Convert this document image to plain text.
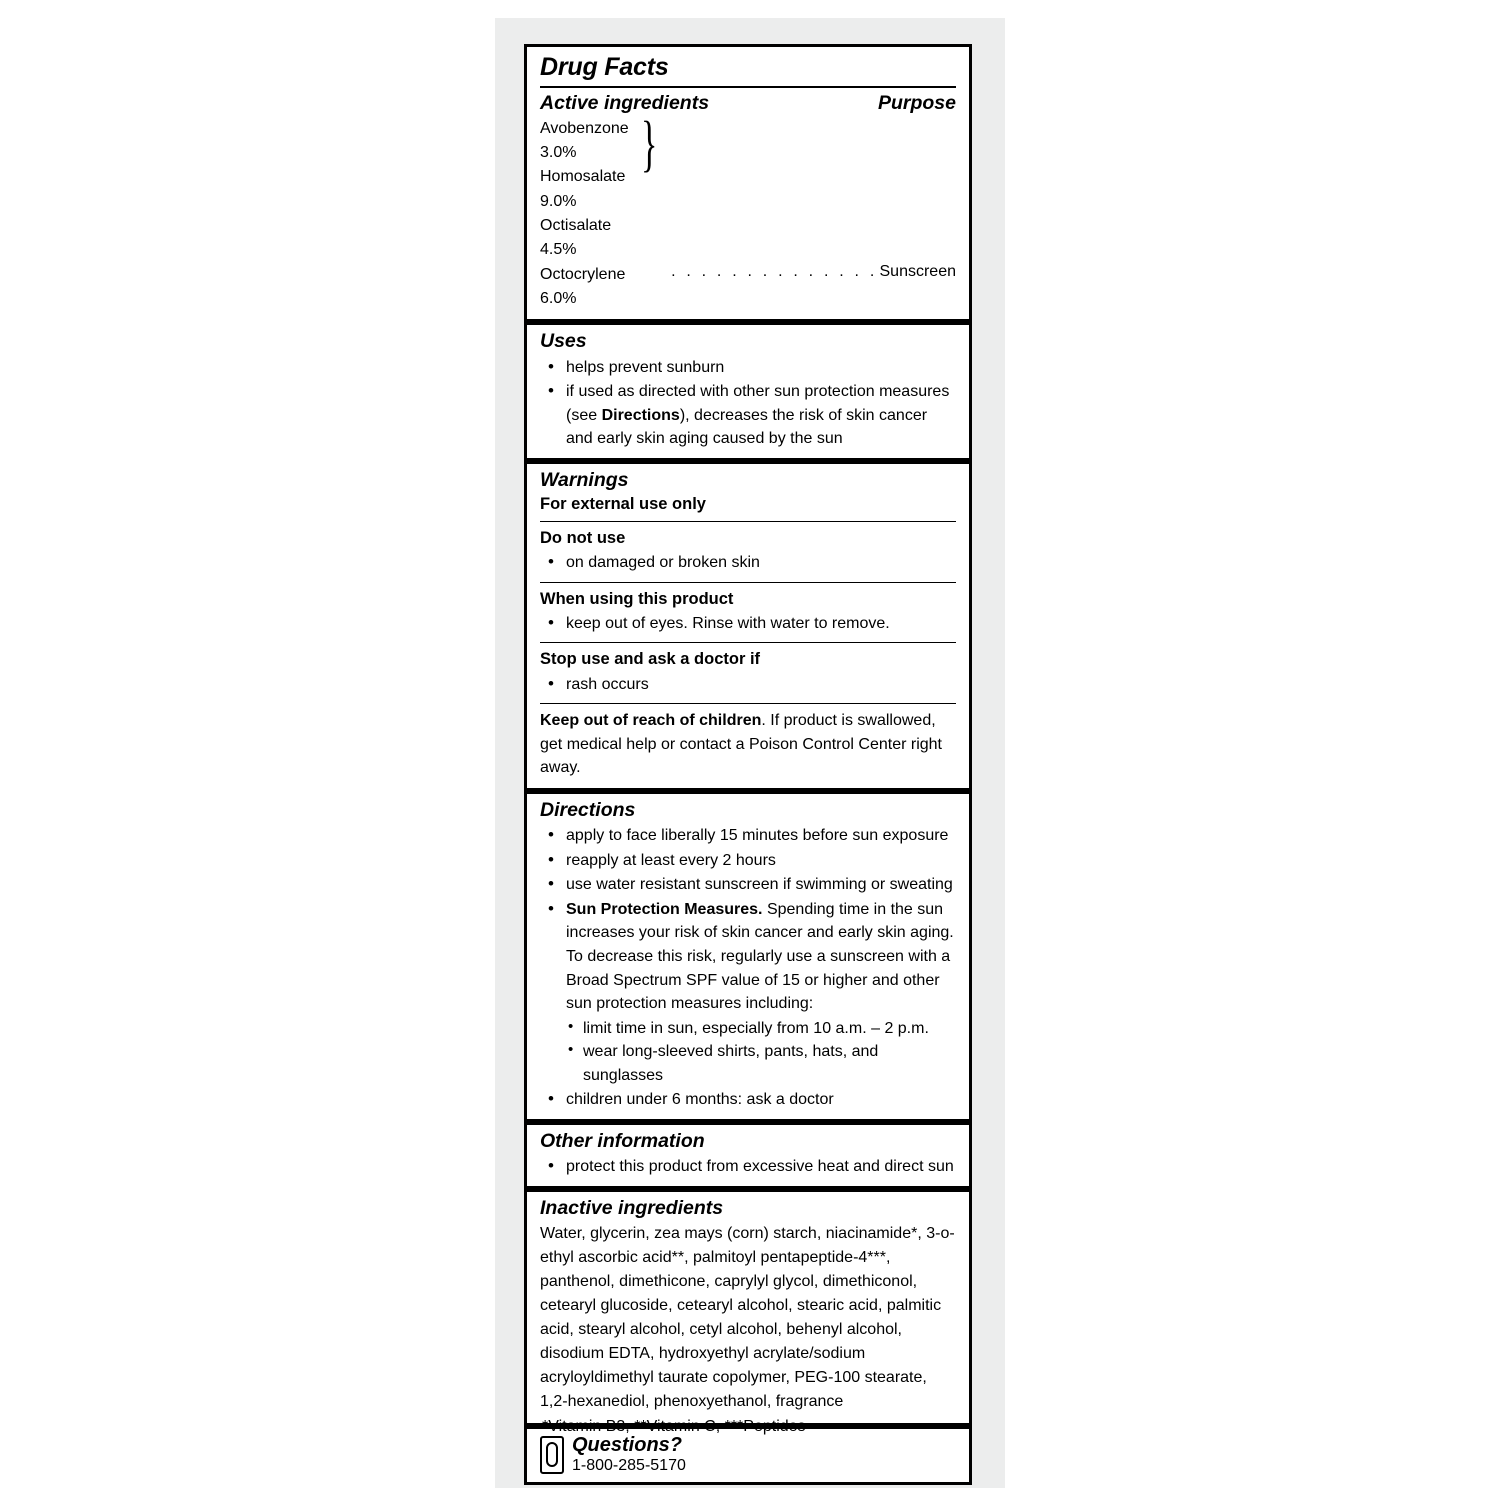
Drug Facts
Active ingredients	Purpose
Avobenzone 3.0%
Homosalate 9.0%
Octisalate 4.5%
Octocrylene 6.0%
}
. . . . . . . . . . . . . . Sunscreen
Uses
• helps prevent sunburn
• if used as directed with other sun protection measures (see Directions), decreases the risk of skin cancer and early skin aging caused by the sun
Warnings
For external use only
Do not use
• on damaged or broken skin
When using this product
• keep out of eyes. Rinse with water to remove.
Stop use and ask a doctor if
• rash occurs
Keep out of reach of children. If product is swallowed, get medical help or contact a Poison Control Center right away.
Directions
• apply to face liberally 15 minutes before sun exposure
• reapply at least every 2 hours
• use water resistant sunscreen if swimming or sweating
• Sun Protection Measures. Spending time in the sun increases your risk of skin cancer and early skin aging. To decrease this risk, regularly use a sunscreen with a Broad Spectrum SPF value of 15 or higher and other sun protection measures including:
• limit time in sun, especially from 10 a.m. – 2 p.m.
• wear long-sleeved shirts, pants, hats, and sunglasses
• children under 6 months: ask a doctor
Other information
• protect this product from excessive heat and direct sun
Inactive ingredients
Water, glycerin, zea mays (corn) starch, niacinamide*, 3-o-ethyl ascorbic acid**, palmitoyl pentapeptide-4***, panthenol, dimethicone, caprylyl glycol, dimethiconol, cetearyl glucoside, cetearyl alcohol, stearic acid, palmitic acid, stearyl alcohol, cetyl alcohol, behenyl alcohol, disodium EDTA, hydroxyethyl acrylate/sodium acryloyldimethyl taurate copolymer, PEG-100 stearate, 1,2-hexanediol, phenoxyethanol, fragrance
Questions?
1-800-285-5170
*Vitamin B3, **Vitamin C, ***Peptides
